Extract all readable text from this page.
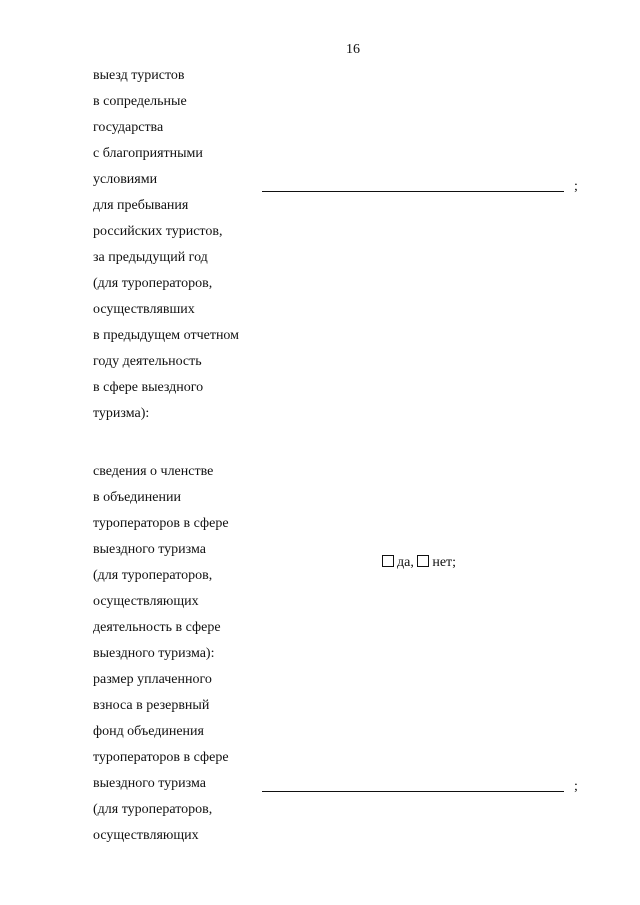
16
выезд туристов
в сопредельные
государства
с благоприятными
условиями
для пребывания
российских туристов,
за предыдущий год
(для туроператоров,
осуществлявших
в предыдущем отчетном
году деятельность
в сфере выездного
туризма):
;
сведения о членстве
в объединении
туроператоров в сфере
выездного туризма
(для туроператоров,
осуществляющих
деятельность в сфере
выездного туризма):
размер уплаченного
взноса в резервный
фонд объединения
туроператоров в сфере
выездного туризма
(для туроператоров,
осуществляющих
да, нет;
;
